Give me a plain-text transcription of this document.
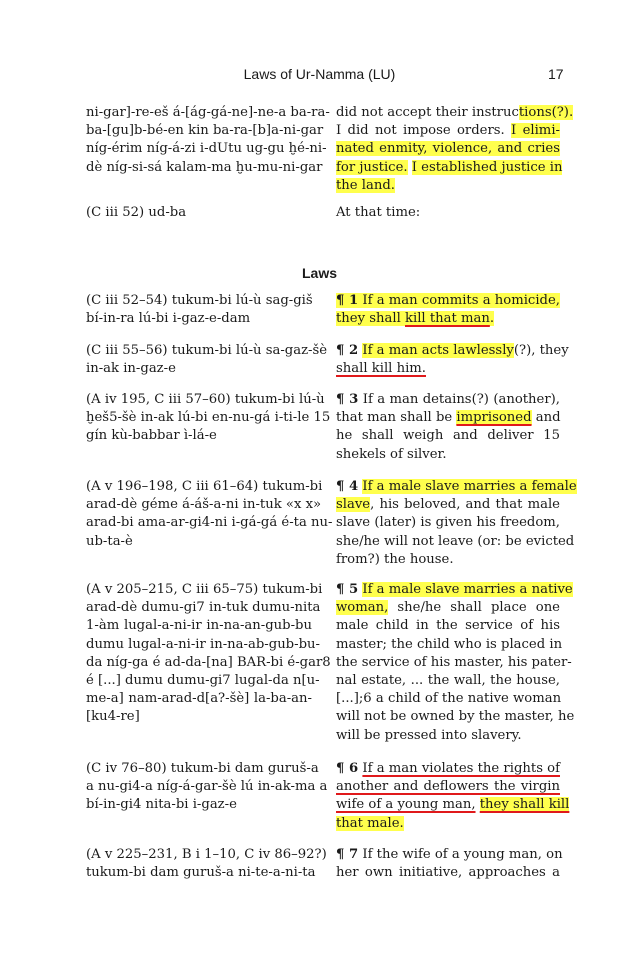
Laws of Ur-Namma (LU)	17
ni-gar]-re-eš á-[ág-gá-ne]-ne-a ba-ra-
ba-[gu]b-bé-en kin ba-ra-[b]a-ni-gar
níg-érim níg-á-zi i-dUtu ug-gu ḫé-ni-
dè níg-si-sá kalam-ma ḫu-mu-ni-gar
did not accept their instructions(?).
I did not impose orders. I elimi-
nated enmity, violence, and cries
for justice. I established justice in
the land.
(C iii 52) ud-ba	At that time:
Laws
(C iii 52–54) tukum-bi lú-ù sag-giš
bí-in-ra lú-bi i-gaz-e-dam
¶ 1 If a man commits a homicide,
they shall kill that man.
(C iii 55–56) tukum-bi lú-ù sa-gaz-šè
in-ak in-gaz-e
¶ 2 If a man acts lawlessly(?), they
shall kill him.
(A iv 195, C iii 57–60) tukum-bi lú-ù
ḫeš5-šè in-ak lú-bi en-nu-gá i-ti-le 15
gín kù-babbar ì-lá-e
¶ 3 If a man detains(?) (another),
that man shall be imprisoned and
he shall weigh and deliver 15
shekels of silver.
(A v 196–198, C iii 61–64) tukum-bi
arad-dè géme á-áš-a-ni in-tuk «x x»
arad-bi ama-ar-gi4-ni i-gá-gá é-ta nu-
ub-ta-è
¶ 4 If a male slave marries a female
slave, his beloved, and that male
slave (later) is given his freedom,
she/he will not leave (or: be evicted
from?) the house.
(A v 205–215, C iii 65–75) tukum-bi
arad-dè dumu-gi7 in-tuk dumu-nita
1-àm lugal-a-ni-ir in-na-an-gub-bu
dumu lugal-a-ni-ir in-na-ab-gub-bu-
da níg-ga é ad-da-[na] BAR-bi é-gar8
é [...] dumu dumu-gi7 lugal-da n[u-
me-a] nam-arad-d[a?-šè] la-ba-an-
[ku4-re]
¶ 5 If a male slave marries a native
woman, she/he shall place one
male child in the service of his
master; the child who is placed in
the service of his master, his pater-
nal estate, ... the wall, the house,
[...];6 a child of the native woman
will not be owned by the master, he
will be pressed into slavery.
(C iv 76–80) tukum-bi dam guruš-a
a nu-gi4-a níg-á-gar-šè lú in-ak-ma a
bí-in-gi4 nita-bi i-gaz-e
¶ 6 If a man violates the rights of
another and deflowers the virgin
wife of a young man, they shall kill
that male.
(A v 225–231, B i 1–10, C iv 86–92?)
tukum-bi dam guruš-a ni-te-a-ni-ta
¶ 7 If the wife of a young man, on
her own initiative, approaches a
